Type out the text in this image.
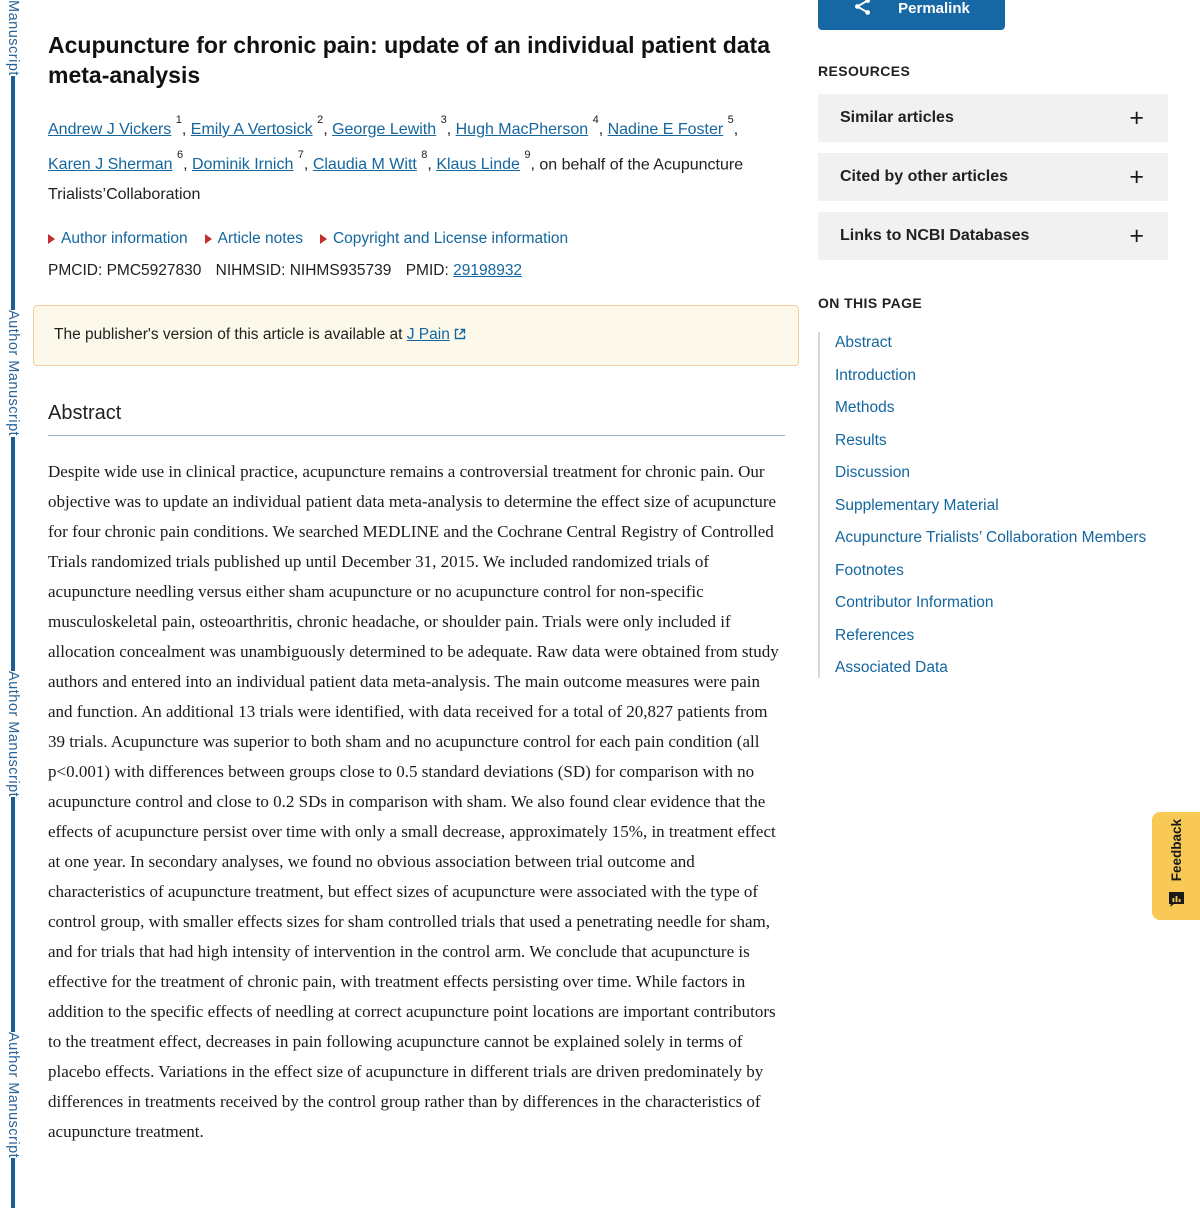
Manuscript
Author Manuscript
Author Manuscript
Author Manuscript
Acupuncture for chronic pain: update of an individual patient data meta-analysis
Andrew J Vickers $^1$, Emily A Vertosick $^2$, George Lewith $^3$, Hugh MacPherson $^4$, Nadine E Foster $^5$, Karen J Sherman $^6$, Dominik Irnich $^7$, Claudia M Witt $^8$, Klaus Linde $^9$, on behalf of the Acupuncture Trialists’Collaboration
Author information Article notes Copyright and License information
PMCID: PMC5927830 NIHMSID: NIHMS935739 PMID: 29198932
The publisher's version of this article is available at J Pain
Abstract

Despite wide use in clinical practice, acupuncture remains a controversial treatment for chronic pain. Our objective was to update an individual patient data meta-analysis to determine the effect size of acupuncture for four chronic pain conditions. We searched MEDLINE and the Cochrane Central Registry of Controlled Trials randomized trials published up until December 31, 2015. We included randomized trials of acupuncture needling versus either sham acupuncture or no acupuncture control for non-specific musculoskeletal pain, osteoarthritis, chronic headache, or shoulder pain. Trials were only included if allocation concealment was unambiguously determined to be adequate. Raw data were obtained from study authors and entered into an individual patient data meta-analysis. The main outcome measures were pain and function. An additional 13 trials were identified, with data received for a total of 20,827 patients from 39 trials. Acupuncture was superior to both sham and no acupuncture control for each pain condition (all p<0.001) with differences between groups close to 0.5 standard deviations (SD) for comparison with no acupuncture control and close to 0.2 SDs in comparison with sham. We also found clear evidence that the effects of acupuncture persist over time with only a small decrease, approximately 15%, in treatment effect at one year. In secondary analyses, we found no obvious association between trial outcome and characteristics of acupuncture treatment, but effect sizes of acupuncture were associated with the type of control group, with smaller effects sizes for sham controlled trials that used a penetrating needle for sham, and for trials that had high intensity of intervention in the control arm. We conclude that acupuncture is effective for the treatment of chronic pain, with treatment effects persisting over time. While factors in addition to the specific effects of needling at correct acupuncture point locations are important contributors to the treatment effect, decreases in pain following acupuncture cannot be explained solely in terms of placebo effects. Variations in the effect size of acupuncture in different trials are driven predominately by differences in treatments received by the control group rather than by differences in the characteristics of acupuncture treatment.

Permalink
RESOURCES
Similar articles	+
Cited by other articles	+
Links to NCBI Databases	+
ON THIS PAGE
Abstract
Introduction
Methods
Results
Discussion
Supplementary Material
Acupuncture Trialists’ Collaboration Members
Footnotes
Contributor Information
References
Associated Data
Feedback
